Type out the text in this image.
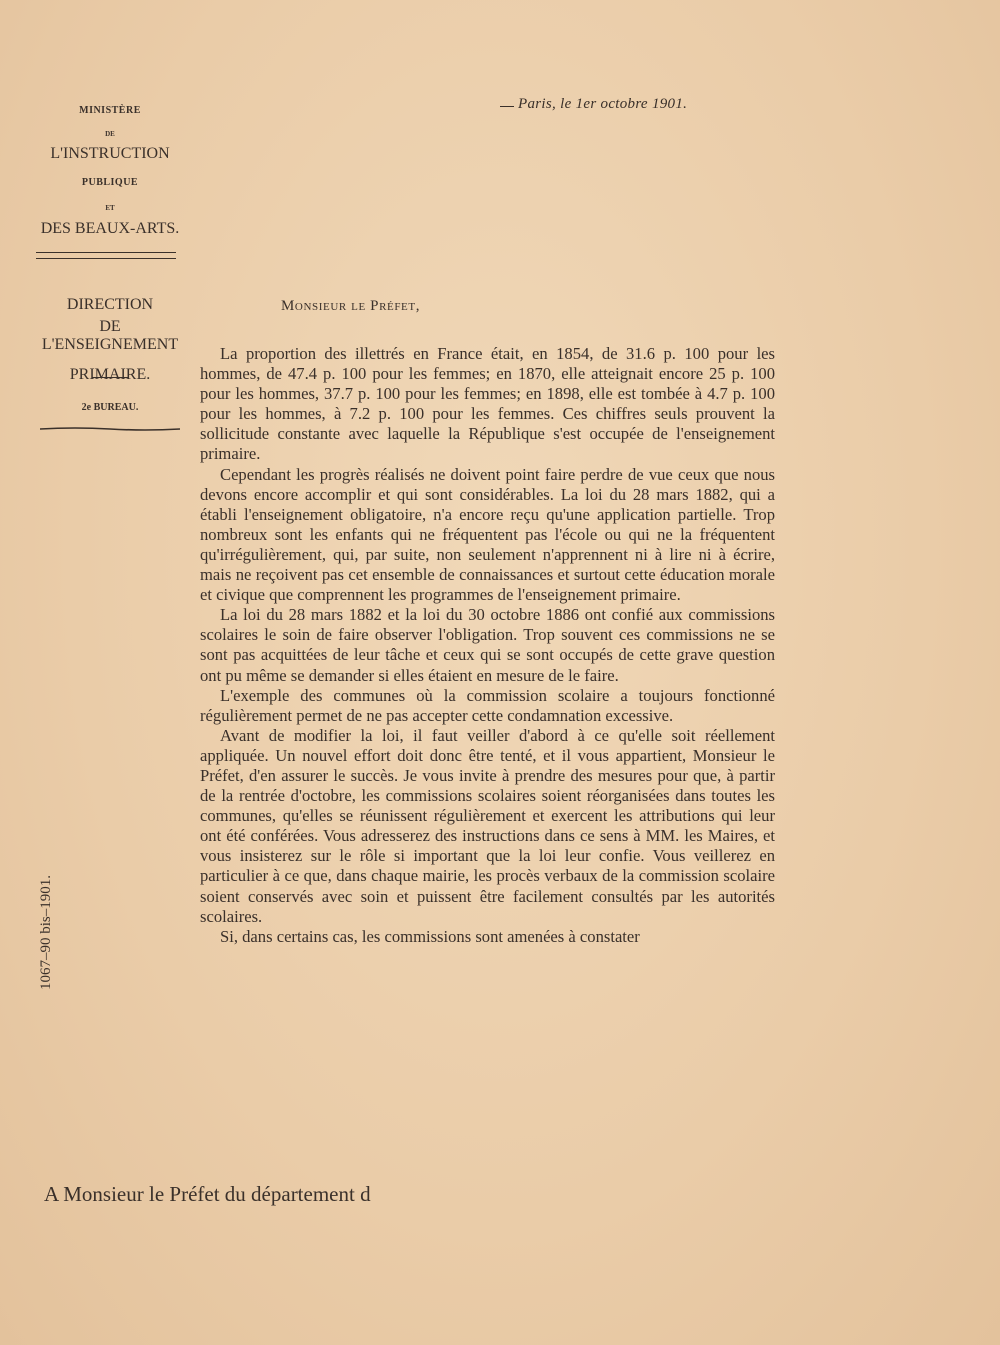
MINISTÈRE

DE

L'INSTRUCTION

PUBLIQUE

ET

DES BEAUX-ARTS.

DIRECTION

DE

L'ENSEIGNEMENT

PRIMAIRE.

2e BUREAU.

1067–90 bis–1901.
Paris, le 1er octobre 1901.
Monsieur le Préfet,

La proportion des illettrés en France était, en 1854, de 31.6 p. 100 pour les hommes, de 47.4 p. 100 pour les femmes; en 1870, elle atteignait encore 25 p. 100 pour les hommes, 37.7 p. 100 pour les femmes; en 1898, elle est tombée à 4.7 p. 100 pour les hommes, à 7.2 p. 100 pour les femmes. Ces chiffres seuls prouvent la sollicitude constante avec laquelle la République s'est occupée de l'enseignement primaire.

Cependant les progrès réalisés ne doivent point faire perdre de vue ceux que nous devons encore accomplir et qui sont considérables. La loi du 28 mars 1882, qui a établi l'enseignement obligatoire, n'a encore reçu qu'une application partielle. Trop nombreux sont les enfants qui ne fréquentent pas l'école ou qui ne la fréquentent qu'irrégulièrement, qui, par suite, non seulement n'apprennent ni à lire ni à écrire, mais ne reçoivent pas cet ensemble de connaissances et surtout cette éducation morale et civique que comprennent les programmes de l'enseignement primaire.

La loi du 28 mars 1882 et la loi du 30 octobre 1886 ont confié aux commissions scolaires le soin de faire observer l'obligation. Trop souvent ces commissions ne se sont pas acquittées de leur tâche et ceux qui se sont occupés de cette grave question ont pu même se demander si elles étaient en mesure de le faire.

L'exemple des communes où la commission scolaire a toujours fonctionné régulièrement permet de ne pas accepter cette condamnation excessive.

Avant de modifier la loi, il faut veiller d'abord à ce qu'elle soit réellement appliquée. Un nouvel effort doit donc être tenté, et il vous appartient, Monsieur le Préfet, d'en assurer le succès. Je vous invite à prendre des mesures pour que, à partir de la rentrée d'octobre, les commissions scolaires soient réorganisées dans toutes les communes, qu'elles se réunissent régulièrement et exercent les attributions qui leur ont été conférées. Vous adresserez des instructions dans ce sens à MM. les Maires, et vous insisterez sur le rôle si important que la loi leur confie. Vous veillerez en particulier à ce que, dans chaque mairie, les procès verbaux de la commission scolaire soient conservés avec soin et puissent être facilement consultés par les autorités scolaires.

Si, dans certains cas, les commissions sont amenées à constater

A Monsieur le Préfet du département d
